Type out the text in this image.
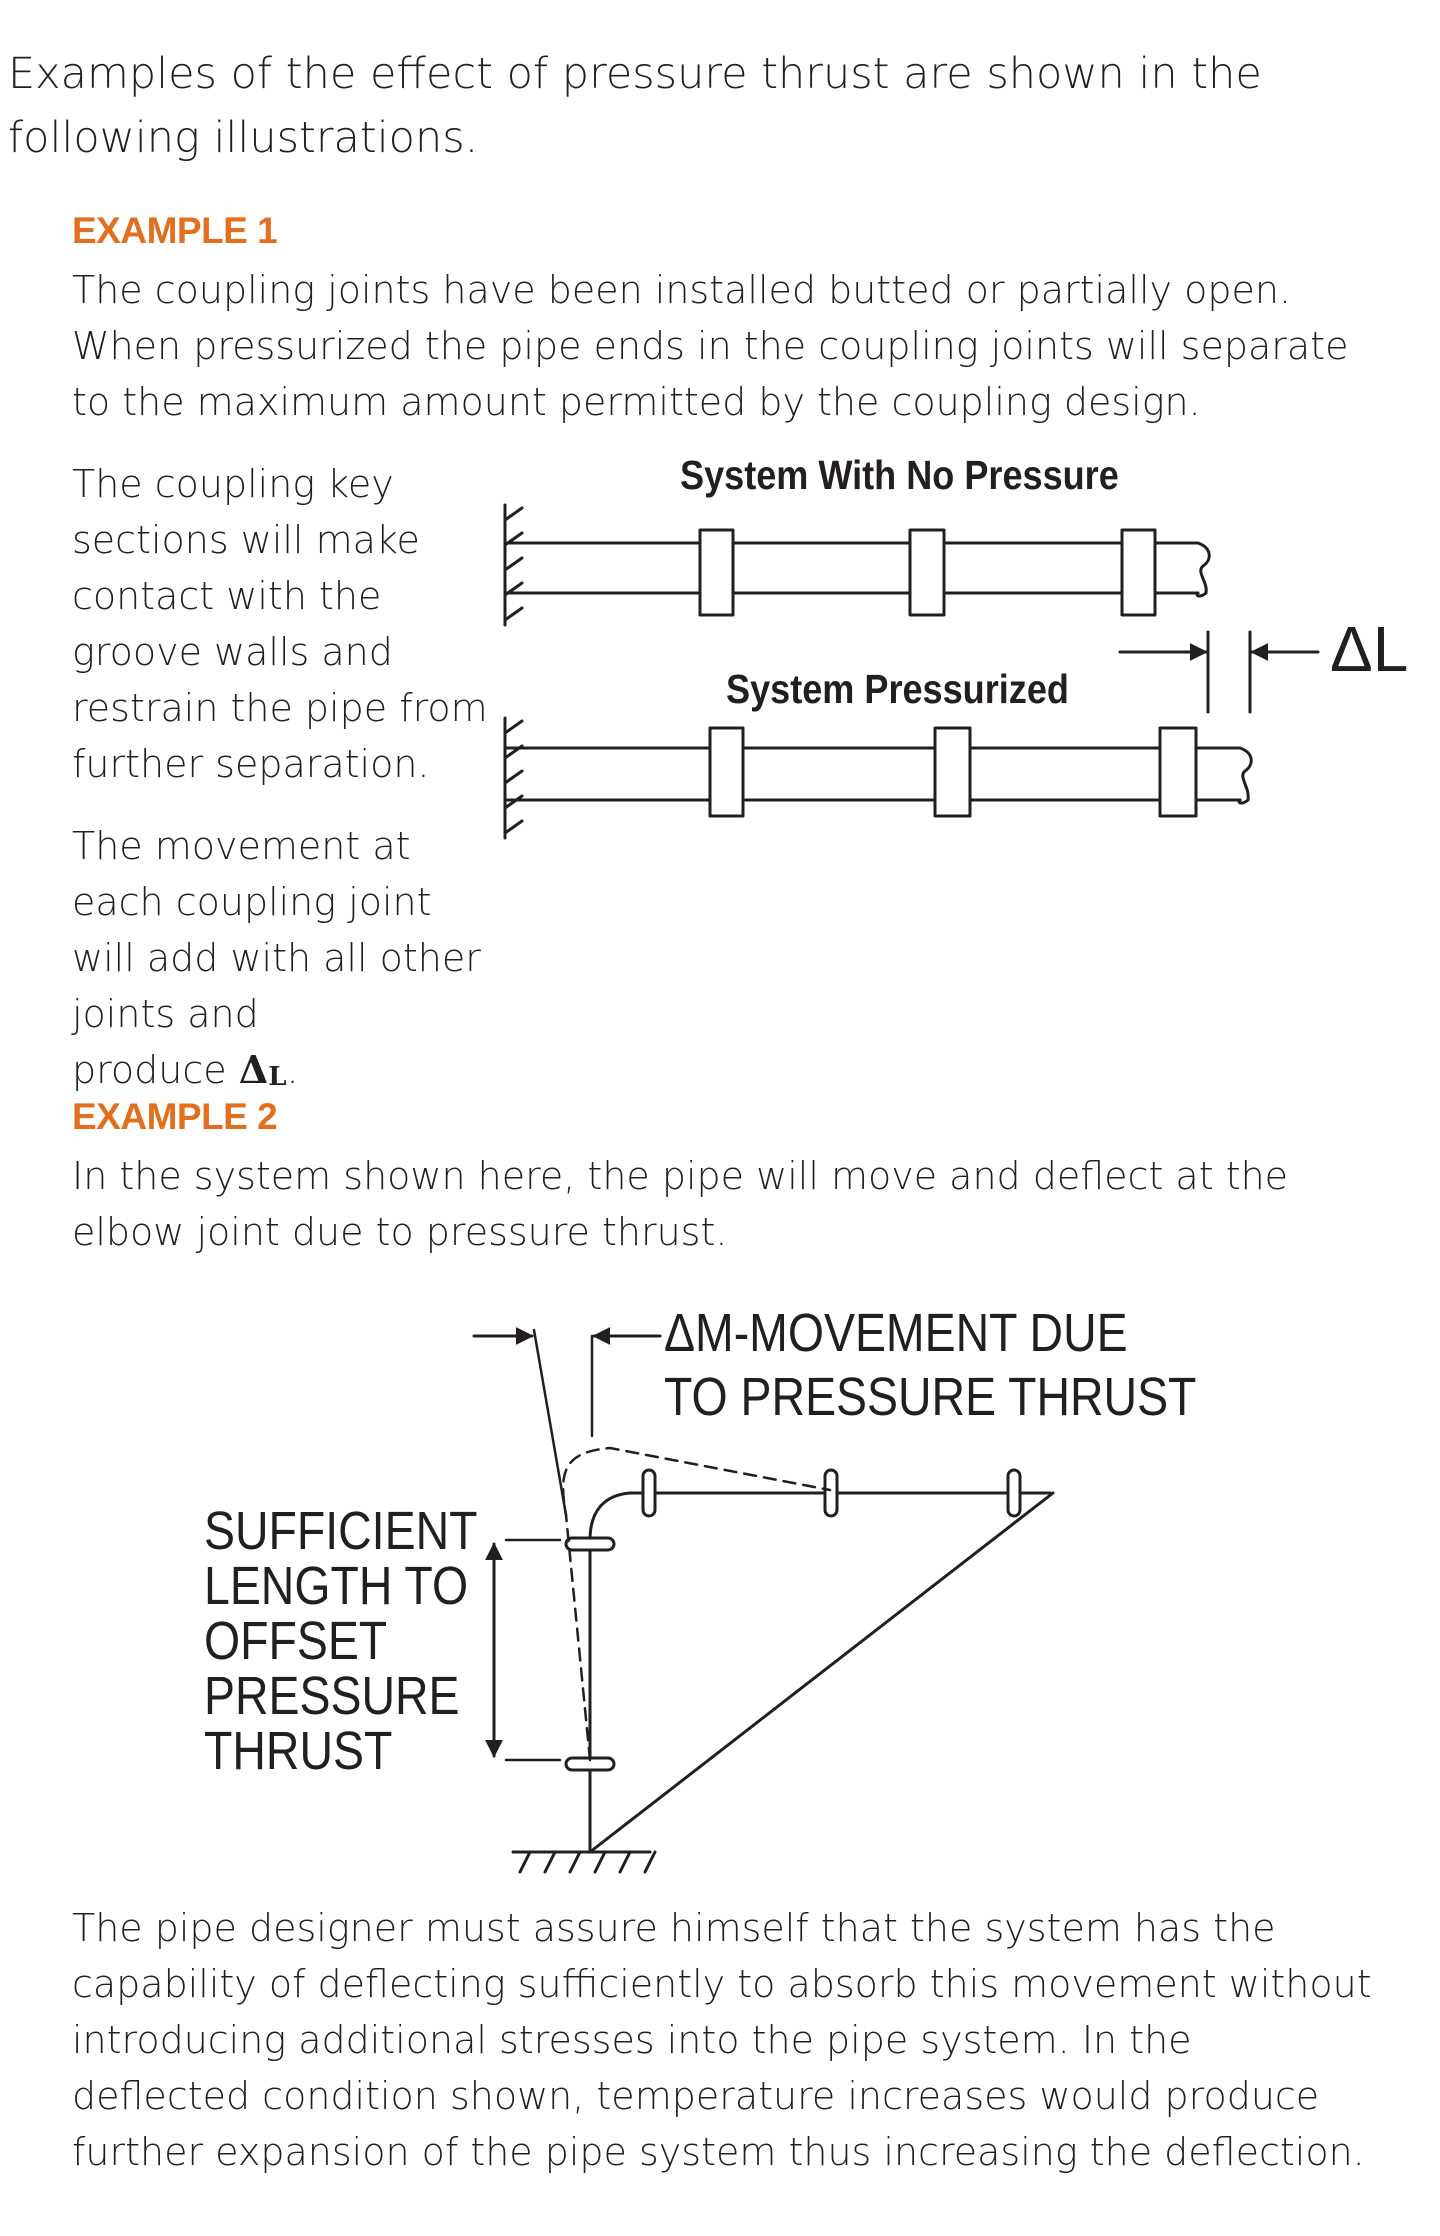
Examples of the effect of pressure thrust are shown in the following illustrations.

EXAMPLE 1

The coupling joints have been installed butted or partially open. When pressurized the pipe ends in the coupling joints will separate to the maximum amount permitted by the coupling design.

The coupling key sections will make contact with the groove walls and restrain the pipe from further separation.

The movement at each coupling joint will add with all other joints and produce ΔL.

EXAMPLE 2

In the system shown here, the pipe will move and deflect at the elbow joint due to pressure thrust.

The pipe designer must assure himself that the system has the capability of deflecting sufficiently to absorb this movement without introducing additional stresses into the pipe system. In the deflected condition shown, temperature increases would produce further expansion of the pipe system thus increasing the deflection.

System With No Pressure
System Pressurized
ΔL
ΔM-MOVEMENT DUE
TO PRESSURE THRUST
SUFFICIENT
LENGTH TO
OFFSET
PRESSURE
THRUST
